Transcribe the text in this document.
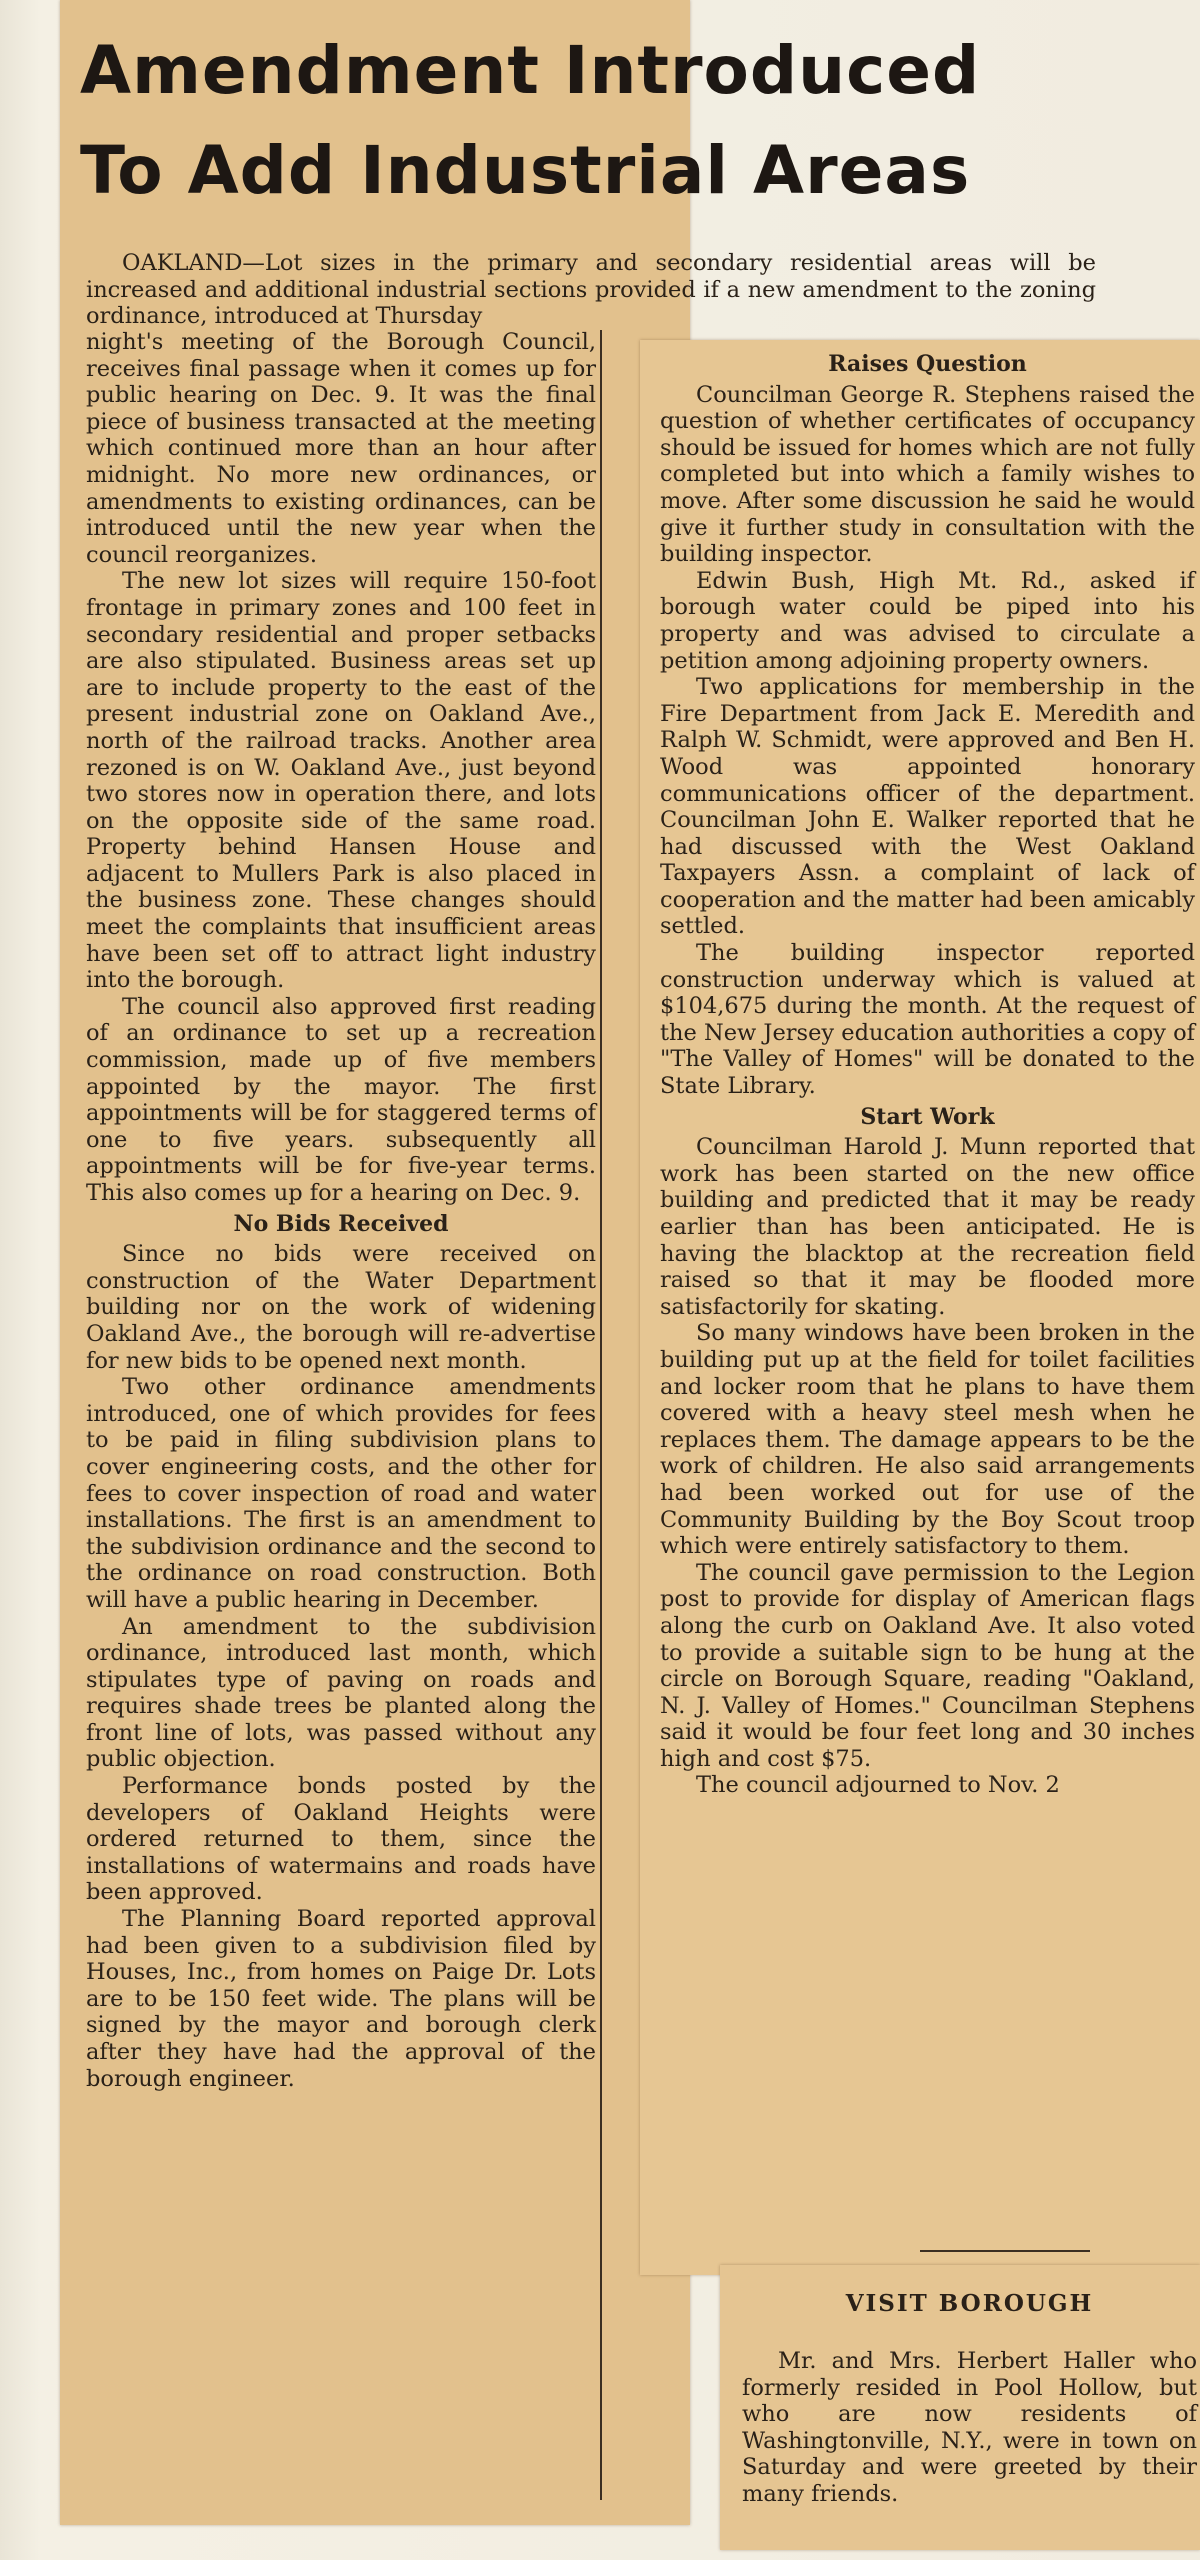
Amendment Introduced
To Add Industrial Areas

OAKLAND—Lot sizes in the primary and secondary residential areas will be increased and additional industrial sections provided if a new amendment to the zoning ordinance, introduced at Thursday

night's meeting of the Borough Council, receives final passage when it comes up for public hearing on Dec. 9. It was the final piece of business transacted at the meeting which continued more than an hour after midnight. No more new ordinances, or amendments to existing ordinances, can be introduced until the new year when the council reorganizes.

The new lot sizes will require 150-foot frontage in primary zones and 100 feet in secondary residential and proper setbacks are also stipulated. Business areas set up are to include property to the east of the present industrial zone on Oakland Ave., north of the railroad tracks. Another area rezoned is on W. Oakland Ave., just beyond two stores now in operation there, and lots on the opposite side of the same road. Property behind Hansen House and adjacent to Mullers Park is also placed in the business zone. These changes should meet the complaints that insufficient areas have been set off to attract light industry into the borough.

The council also approved first reading of an ordinance to set up a recreation commission, made up of five members appointed by the mayor. The first appointments will be for staggered terms of one to five years. subsequently all appointments will be for five-year terms. This also comes up for a hearing on Dec. 9.

No Bids Received

Since no bids were received on construction of the Water Department building nor on the work of widening Oakland Ave., the borough will re-advertise for new bids to be opened next month.

Two other ordinance amendments introduced, one of which provides for fees to be paid in filing subdivision plans to cover engineering costs, and the other for fees to cover inspection of road and water installations. The first is an amendment to the subdivision ordinance and the second to the ordinance on road construction. Both will have a public hearing in December.

An amendment to the subdivision ordinance, introduced last month, which stipulates type of paving on roads and requires shade trees be planted along the front line of lots, was passed without any public objection.

Performance bonds posted by the developers of Oakland Heights were ordered returned to them, since the installations of watermains and roads have been approved.

The Planning Board reported approval had been given to a subdivision filed by Houses, Inc., from homes on Paige Dr. Lots are to be 150 feet wide. The plans will be signed by the mayor and borough clerk after they have had the approval of the borough engineer.

Raises Question

Councilman George R. Stephens raised the question of whether certificates of occupancy should be issued for homes which are not fully completed but into which a family wishes to move. After some discussion he said he would give it further study in consultation with the building inspector.

Edwin Bush, High Mt. Rd., asked if borough water could be piped into his property and was advised to circulate a petition among adjoining property owners.

Two applications for membership in the Fire Department from Jack E. Meredith and Ralph W. Schmidt, were approved and Ben H. Wood was appointed honorary communications officer of the department. Councilman John E. Walker reported that he had discussed with the West Oakland Taxpayers Assn. a complaint of lack of cooperation and the matter had been amicably settled.

The building inspector reported construction underway which is valued at $104,675 during the month. At the request of the New Jersey education authorities a copy of "The Valley of Homes" will be donated to the State Library.

Start Work

Councilman Harold J. Munn reported that work has been started on the new office building and predicted that it may be ready earlier than has been anticipated. He is having the blacktop at the recreation field raised so that it may be flooded more satisfactorily for skating.

So many windows have been broken in the building put up at the field for toilet facilities and locker room that he plans to have them covered with a heavy steel mesh when he replaces them. The damage appears to be the work of children. He also said arrangements had been worked out for use of the Community Building by the Boy Scout troop which were entirely satisfactory to them.

The council gave permission to the Legion post to provide for display of American flags along the curb on Oakland Ave. It also voted to provide a suitable sign to be hung at the circle on Borough Square, reading "Oakland, N. J. Valley of Homes." Councilman Stephens said it would be four feet long and 30 inches high and cost $75.

The council adjourned to Nov. 2

VISIT BOROUGH

Mr. and Mrs. Herbert Haller who formerly resided in Pool Hollow, but who are now residents of Washingtonville, N.Y., were in town on Saturday and were greeted by their many friends.
